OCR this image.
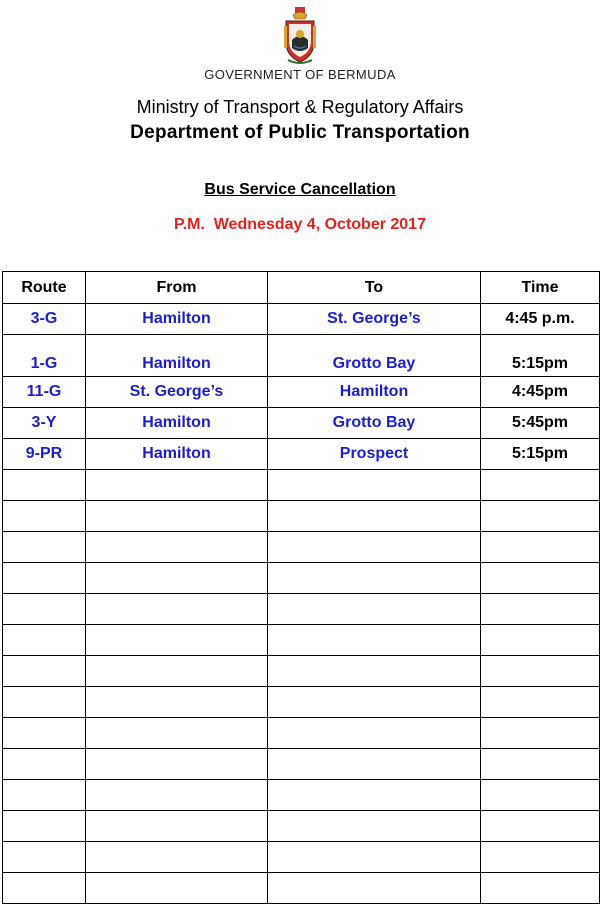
GOVERNMENT OF BERMUDA
Ministry of Transport & Regulatory Affairs
Department of Public Transportation
Bus Service Cancellation
P.M.  Wednesday 4, October 2017
Route	From	To	Time
3-G	Hamilton	St. George’s	4:45 p.m.
1-G	Hamilton	Grotto Bay	5:15pm
11-G	St. George’s	Hamilton	4:45pm
3-Y	Hamilton	Grotto Bay	5:45pm
9-PR	Hamilton	Prospect	5:15pm
